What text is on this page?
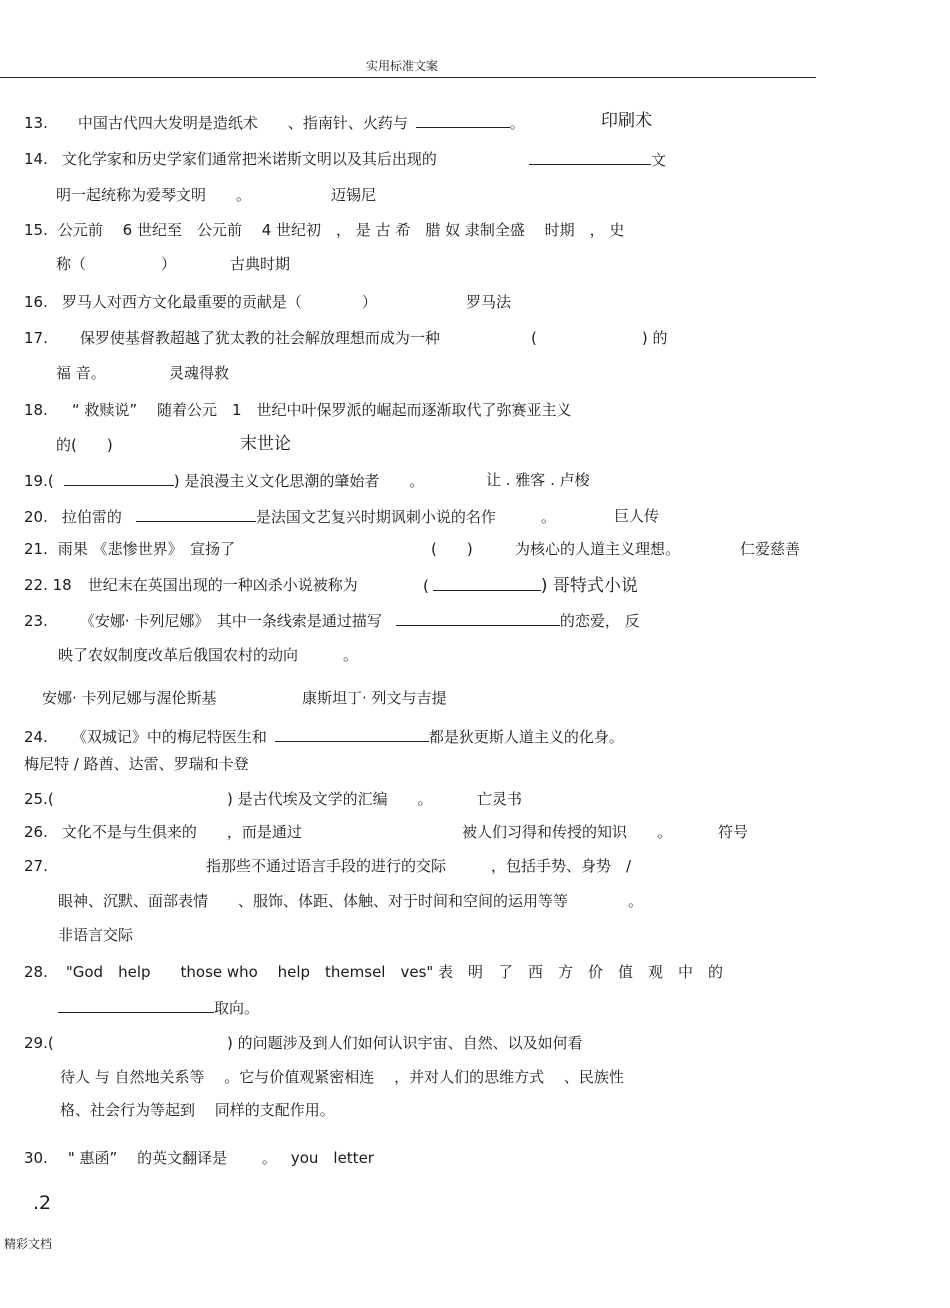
实用标准文案
13. 中国古代四大发明是造纸术　　、指南针、火药与	。	印刷术
14. 文化学家和历史学家们通常把米诺斯文明以及其后出现的	文
明一起统称为爱琴文明　　。	迈锡尼
15. 公元前　 6 世纪至　公元前　 4 世纪初　， 是 古 希　腊 奴 隶制全盛　 时期　， 史
称（　　　　　）	古典时期
16. 罗马人对西方文化最重要的贡献是（　　　　）	罗马法
17. 保罗使基督教超越了犹太教的社会解放理想而成为一种	(　　　　　　　) 的
福 音。	灵魂得救
18. “ 救赎说”　 随着公元　1　世纪中叶保罗派的崛起而逐渐取代了弥赛亚主义
的(　　)	末世论
19.(	) 是浪漫主义文化思潮的肇始者　　。	让 . 雅客 . 卢梭
20. 拉伯雷的	是法国文艺复兴时期讽刺小说的名作　　　。	巨人传
21. 雨果 《悲惨世界》　宣扬了	(　　)	为核心的人道主义理想。	仁爱慈善
22. 18 世纪末在英国出现的一种凶杀小说被称为	(	) 哥特式小说
23. 《安娜· 卡列尼娜》　其中一条线索是通过描写	的恋爱， 反
映了农奴制度改革后俄国农村的动向　　　。
安娜· 卡列尼娜与渥伦斯基	康斯坦丁· 列文与吉提
24. 《双城记》中的梅尼特医生和	都是狄更斯人道主义的化身。
梅尼特 / 路酋、达雷、罗瑞和卡登
25.(	) 是古代埃及文学的汇编　　。	亡灵书
26. 文化不是与生俱来的　　，而是通过	被人们习得和传授的知识　　。	符号
27.	指那些不通过语言手段的进行的交际　　　，包括手势、身势　/
眼神、沉默、面部表情　　、服饰、体距、体触、对于时间和空间的运用等等　　　　。
非语言交际
28. "God　help　　those who　 help　themsel　ves" 表　明　了　西　方　价　值　观　中　的
取向。
29.(	) 的问题涉及到人们如何认识宇宙、自然、以及如何看
待人 与 自然地关系等　 。它与价值观紧密相连　 ，并对人们的思维方式　 、民族性
格、社会行为等起到　 同样的支配作用。
30. " 惠函”　 的英文翻译是　　 。 you　letter
.2
精彩文档
